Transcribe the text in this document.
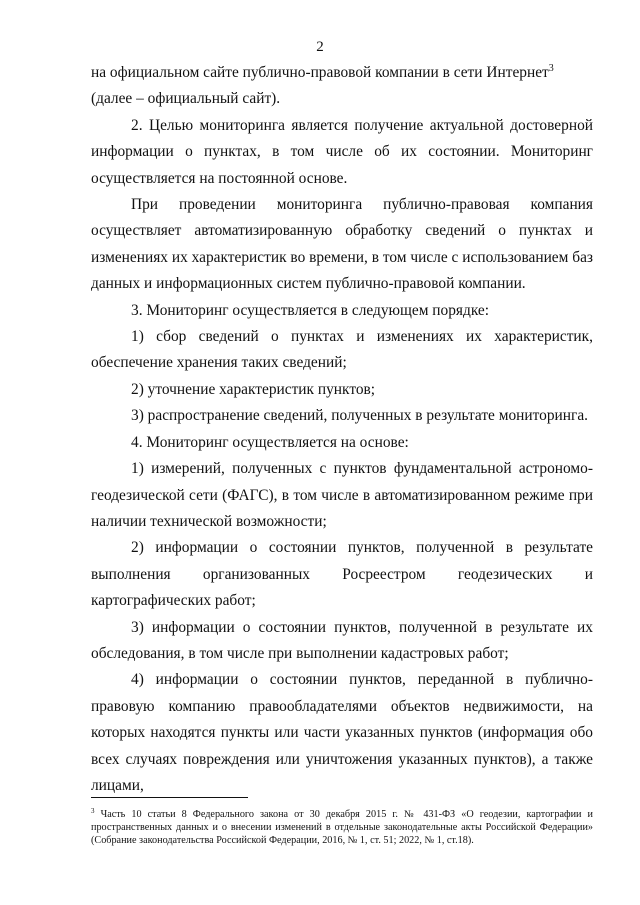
2

на официальном сайте публично-правовой компании в сети Интернет$^3$

(далее – официальный сайт).

2. Целью мониторинга является получение актуальной достоверной информации о пунктах, в том числе об их состоянии. Мониторинг осуществляется на постоянной основе.

При проведении мониторинга публично-правовая компания осуществляет автоматизированную обработку сведений о пунктах и изменениях их характеристик во времени, в том числе с использованием баз данных и информационных систем публично-правовой компании.

3. Мониторинг осуществляется в следующем порядке:

1) сбор сведений о пунктах и изменениях их характеристик, обеспечение хранения таких сведений;

2) уточнение характеристик пунктов;

3) распространение сведений, полученных в результате мониторинга.

4. Мониторинг осуществляется на основе:

1) измерений, полученных с пунктов фундаментальной астрономо-геодезической сети (ФАГС), в том числе в автоматизированном режиме при наличии технической возможности;

2) информации о состоянии пунктов, полученной в результате выполнения организованных Росреестром геодезических и картографических работ;

3) информации о состоянии пунктов, полученной в результате их обследования, в том числе при выполнении кадастровых работ;

4) информации о состоянии пунктов, переданной в публично-правовую компанию правообладателями объектов недвижимости, на которых находятся пункты или части указанных пунктов (информация обо всех случаях повреждения или уничтожения указанных пунктов), а также лицами,

$^3$ Часть 10 статьи 8 Федерального закона от 30 декабря 2015 г. № 431-ФЗ «О геодезии, картографии и пространственных данных и о внесении изменений в отдельные законодательные акты Российской Федерации» (Собрание законодательства Российской Федерации, 2016, № 1, ст. 51; 2022, № 1, ст.18).
